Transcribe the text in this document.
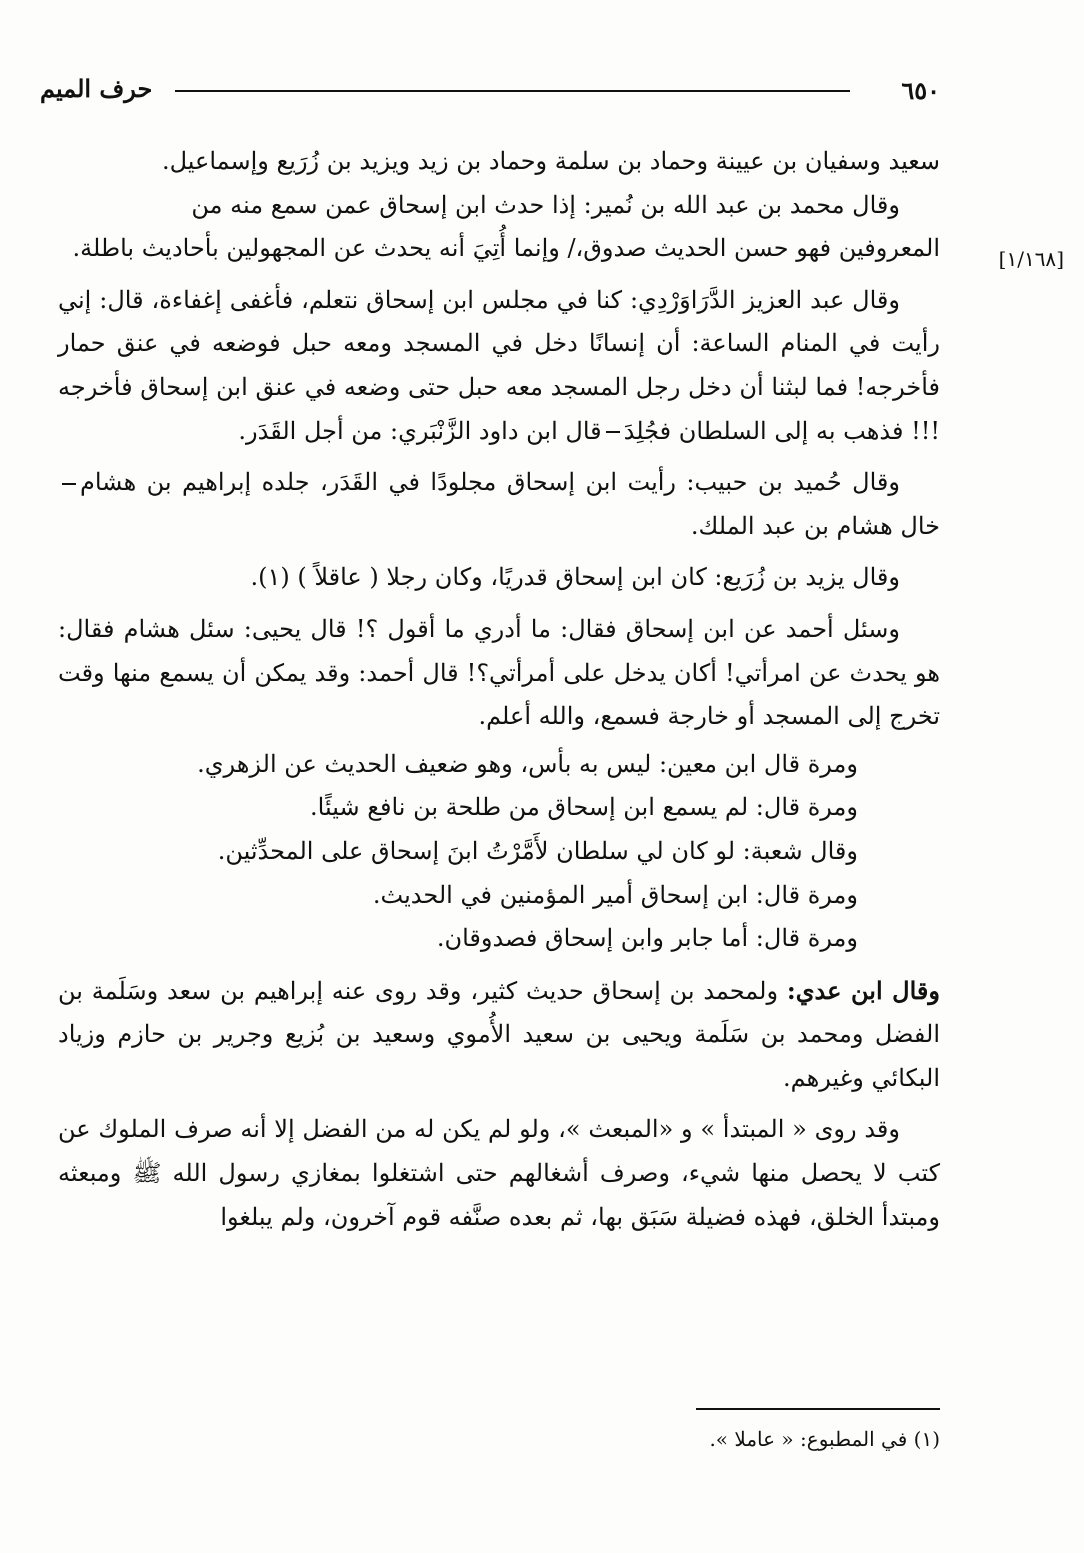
٦٥٠
حرف الميم
[١/١٦٨]

سعيد وسفيان بن عيينة وحماد بن سلمة وحماد بن زيد ويزيد بن زُرَيع وإسماعيل.

وقال محمد بن عبد الله بن نُمير: إذا حدث ابن إسحاق عمن سمع منه من

المعروفين فهو حسن الحديث صدوق،/ وإنما أُتِيَ أنه يحدث عن المجهولين بأحاديث باطلة.

وقال عبد العزيز الدَّرَاوَرْدِي: كنا في مجلس ابن إسحاق نتعلم، فأغفى إغفاءة، قال: إني رأيت في المنام الساعة: أن إنسانًا دخل في المسجد ومعه حبل فوضعه في عنق حمار فأخرجه! فما لبثنا أن دخل رجل المسجد معه حبل حتى وضعه في عنق ابن إسحاق فأخرجه !!! فذهب به إلى السلطان فجُلِدَقال ابن داود الزَّنْبَري: من أجل القَدَر.

وقال حُميد بن حبيب: رأيت ابن إسحاق مجلودًا في القَدَر، جلده إبراهيم بن هشامخال هشام بن عبد الملك.

وقال يزيد بن زُرَيع: كان ابن إسحاق قدريًا، وكان رجلا ( عاقلاً ) (١).

وسئل أحمد عن ابن إسحاق فقال: ما أدري ما أقول ؟! قال يحيى: سئل هشام فقال: هو يحدث عن امرأتي! أكان يدخل على أمرأتي؟! قال أحمد: وقد يمكن أن يسمع منها وقت تخرج إلى المسجد أو خارجة فسمع، والله أعلم.

ومرة قال ابن معين: ليس به بأس، وهو ضعيف الحديث عن الزهري.

ومرة قال: لم يسمع ابن إسحاق من طلحة بن نافع شيئًا.

وقال شعبة: لو كان لي سلطان لأَمَّرْتُ ابنَ إسحاق على المحدِّثين.

ومرة قال: ابن إسحاق أمير المؤمنين في الحديث.

ومرة قال: أما جابر وابن إسحاق فصدوقان.

وقال ابن عدي: ولمحمد بن إسحاق حديث كثير، وقد روى عنه إبراهيم بن سعد وسَلَمة بن الفضل ومحمد بن سَلَمة ويحيى بن سعيد الأُموي وسعيد بن بُزيع وجرير بن حازم وزياد البكائي وغيرهم.

وقد روى « المبتدأ » و «المبعث »، ولو لم يكن له من الفضل إلا أنه صرف الملوك عن كتب لا يحصل منها شيء، وصرف أشغالهم حتى اشتغلوا بمغازي رسول الله ﷺ ومبعثه ومبتدأ الخلق، فهذه فضيلة سَبَق بها، ثم بعده صنَّفه قوم آخرون، ولم يبلغوا

(١) في المطبوع: « عاملا ».
